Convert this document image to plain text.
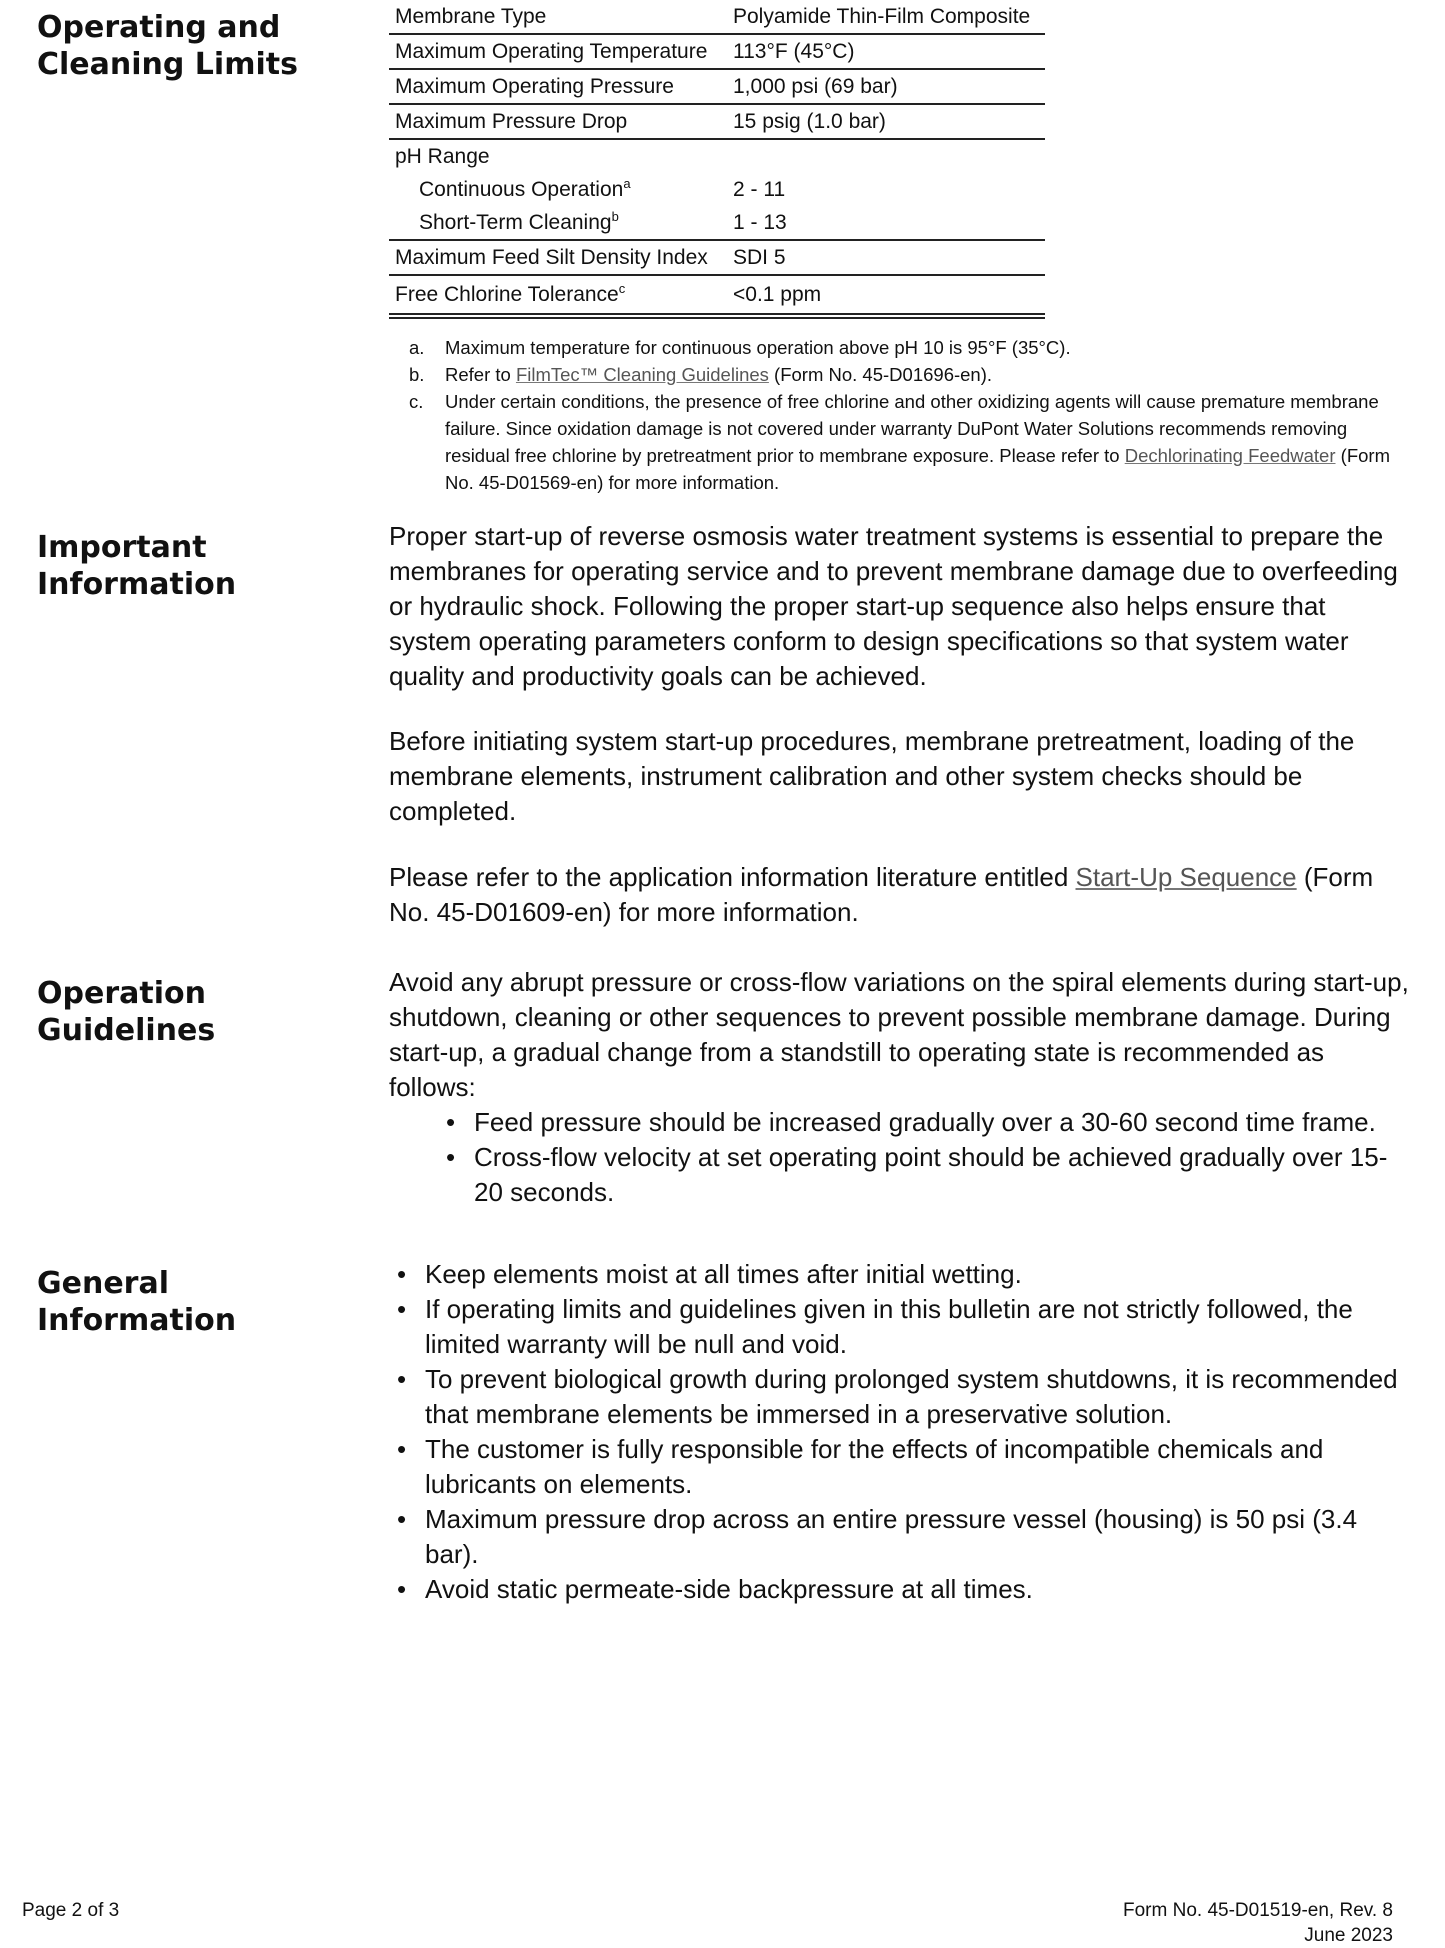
Operating and
Cleaning Limits
Important
Information
Operation
Guidelines
General
Information
Membrane Type	Polyamide Thin-Film Composite
Maximum Operating Temperature	113°F (45°C)
Maximum Operating Pressure	1,000 psi (69 bar)
Maximum Pressure Drop	15 psig (1.0 bar)
pH Range
Continuous Operation$^a$	2 - 11
Short-Term Cleaning$^b$	1 - 13
Maximum Feed Silt Density Index	SDI 5
Free Chlorine Tolerance$^c$	<0.1 ppm
a.	Maximum temperature for continuous operation above pH 10 is 95°F (35°C).
b.	Refer to FilmTec™ Cleaning Guidelines (Form No. 45-D01696-en).
c.	Under certain conditions, the presence of free chlorine and other oxidizing agents will cause premature membrane failure. Since oxidation damage is not covered under warranty DuPont Water Solutions recommends removing residual free chlorine by pretreatment prior to membrane exposure. Please refer to Dechlorinating Feedwater (Form No. 45-D01569-en) for more information.

Proper start-up of reverse osmosis water treatment systems is essential to prepare the membranes for operating service and to prevent membrane damage due to overfeeding or hydraulic shock. Following the proper start-up sequence also helps ensure that system operating parameters conform to design specifications so that system water quality and productivity goals can be achieved.

Before initiating system start-up procedures, membrane pretreatment, loading of the membrane elements, instrument calibration and other system checks should be completed.

Please refer to the application information literature entitled Start-Up Sequence (Form No. 45-D01609-en) for more information.

Avoid any abrupt pressure or cross-flow variations on the spiral elements during start-up, shutdown, cleaning or other sequences to prevent possible membrane damage. During start-up, a gradual change from a standstill to operating state is recommended as follows:

• Feed pressure should be increased gradually over a 30-60 second time frame.
• Cross-flow velocity at set operating point should be achieved gradually over 15-20 seconds.
• Keep elements moist at all times after initial wetting.
• If operating limits and guidelines given in this bulletin are not strictly followed, the limited warranty will be null and void.
• To prevent biological growth during prolonged system shutdowns, it is recommended that membrane elements be immersed in a preservative solution.
• The customer is fully responsible for the effects of incompatible chemicals and lubricants on elements.
• Maximum pressure drop across an entire pressure vessel (housing) is 50 psi (3.4 bar).
• Avoid static permeate-side backpressure at all times.
Page 2 of 3	Form No. 45-D01519-en, Rev. 8
June 2023
